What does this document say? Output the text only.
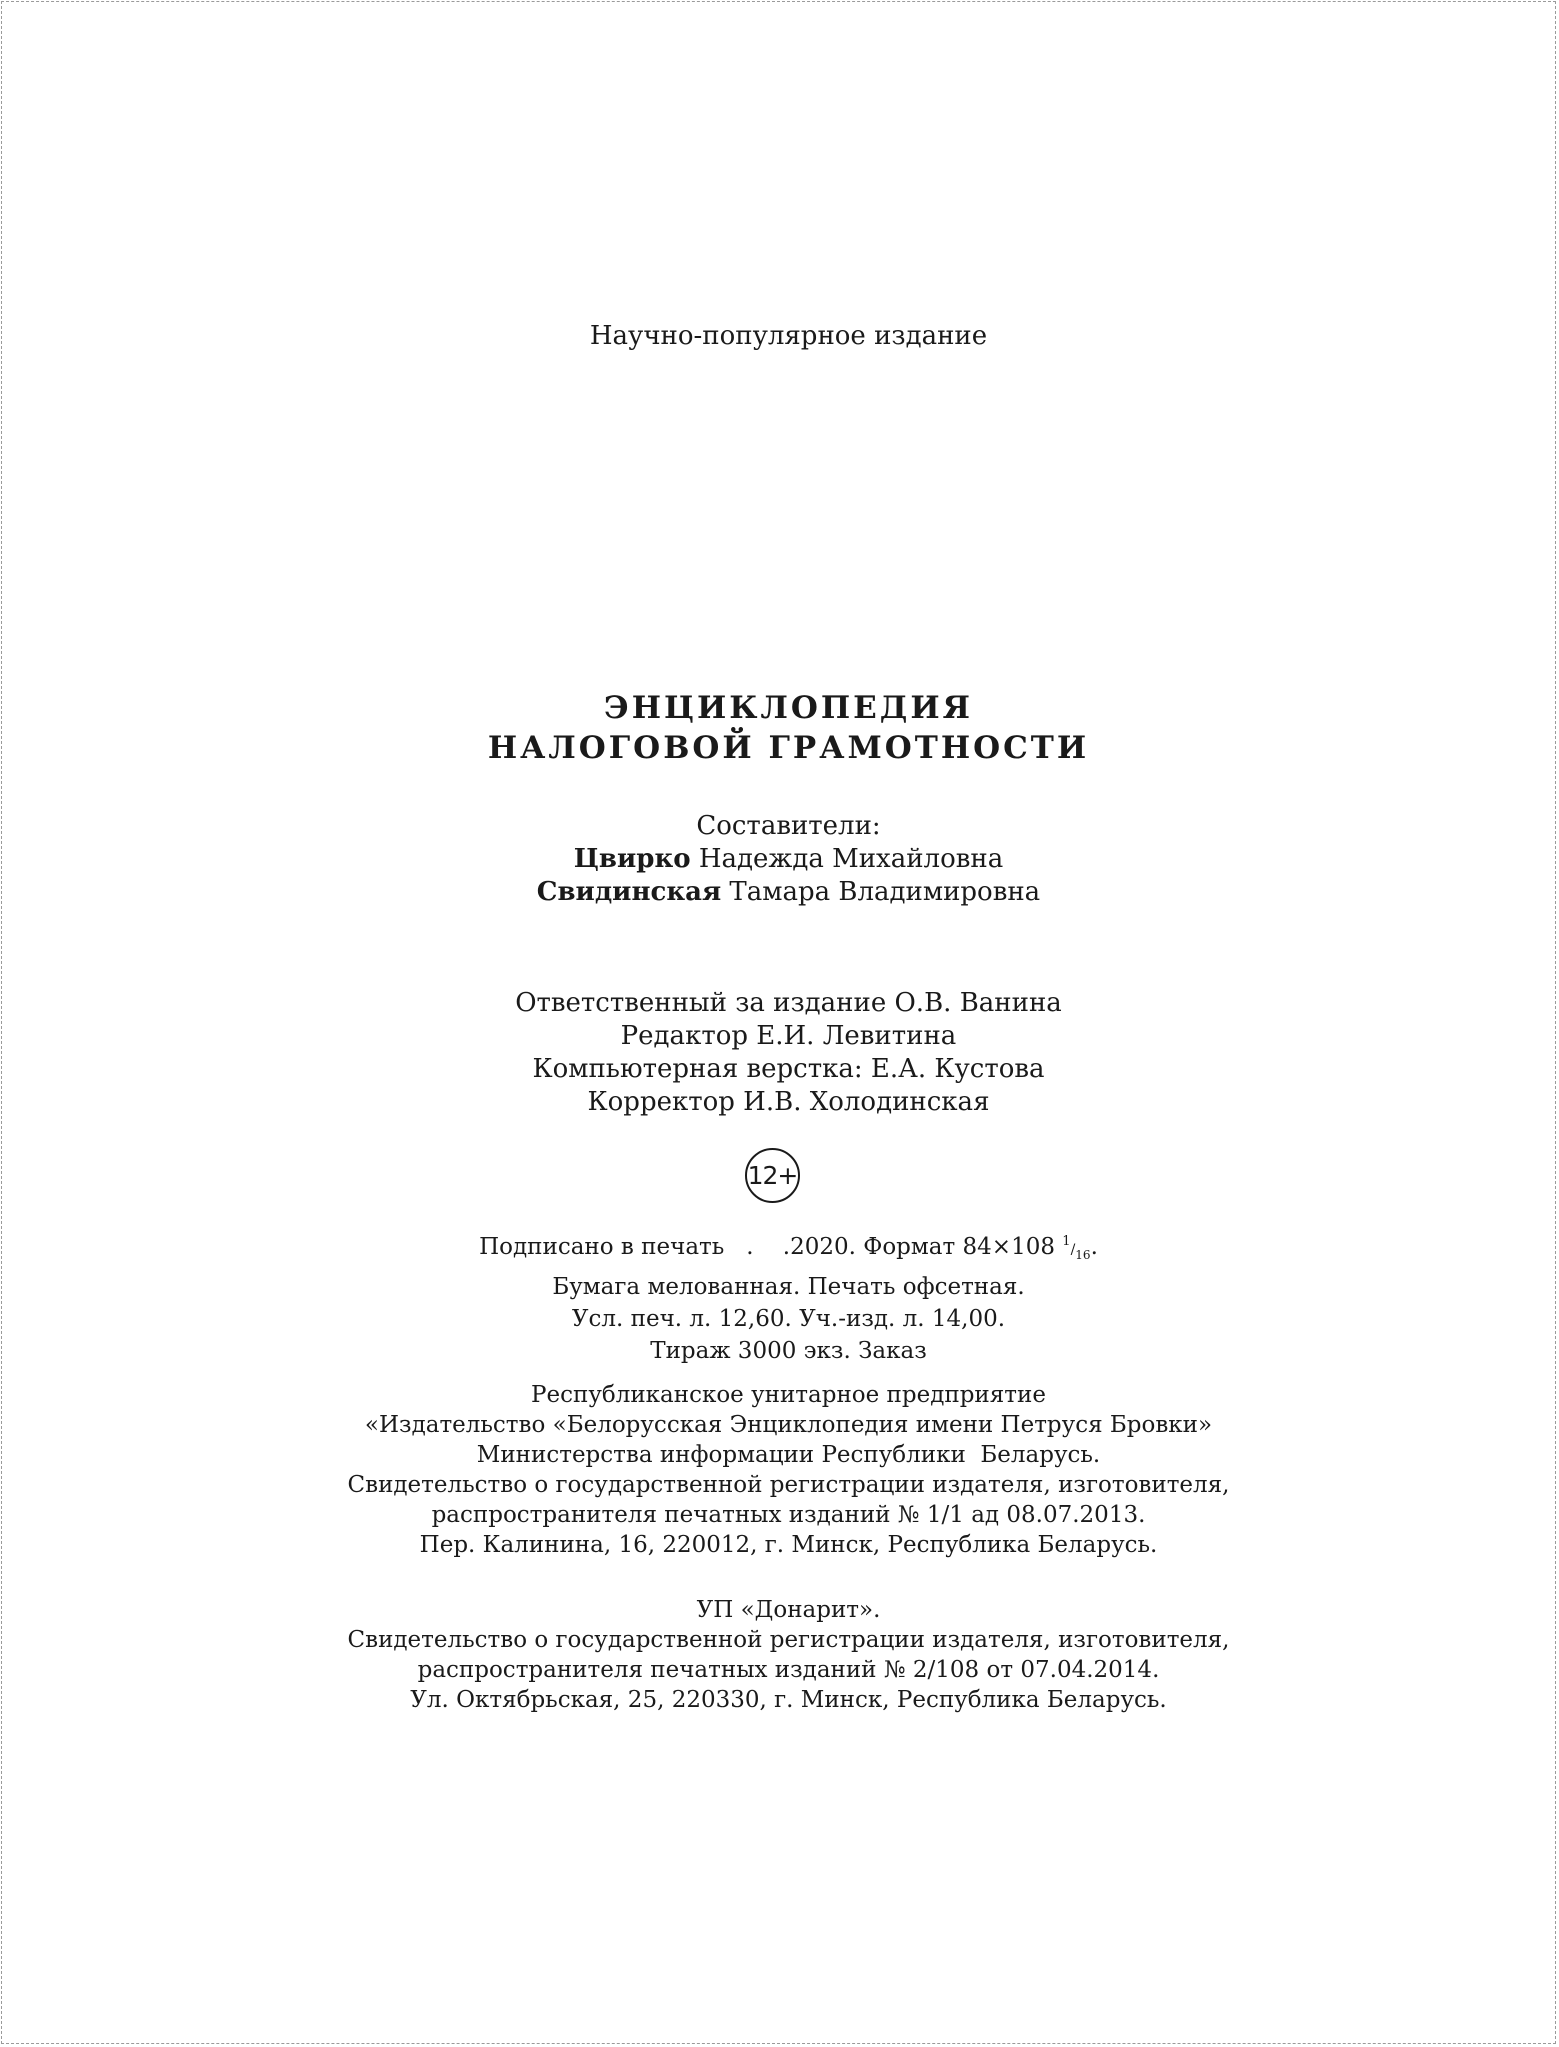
Научно-популярное издание
ЭНЦИКЛОПЕДИЯ
НАЛОГОВОЙ ГРАМОТНОСТИ
Составители:
Цвирко Надежда Михайловна
Свидинская Тамара Владимировна
Ответственный за издание О.В. Ванина
Редактор Е.И. Левитина
Компьютерная верстка: Е.А. Кустова
Корректор И.В. Холодинская
12+
Подписано в печать   .    .2020. Формат 84×108 $^1/_{16}$.
Бумага мелованная. Печать офсетная.
Усл. печ. л. 12,60. Уч.-изд. л. 14,00.
Тираж 3000 экз. Заказ
Республиканское унитарное предприятие
«Издательство «Белорусская Энциклопедия имени Петруся Бровки»
Министерства информации Республики  Беларусь.
Свидетельство о государственной регистрации издателя, изготовителя,
распространителя печатных изданий № 1/1 ад 08.07.2013.
Пер. Калинина, 16, 220012, г. Минск, Республика Беларусь.
УП «Донарит».
Свидетельство о государственной регистрации издателя, изготовителя,
распространителя печатных изданий № 2/108 от 07.04.2014.
Ул. Октябрьская, 25, 220330, г. Минск, Республика Беларусь.
